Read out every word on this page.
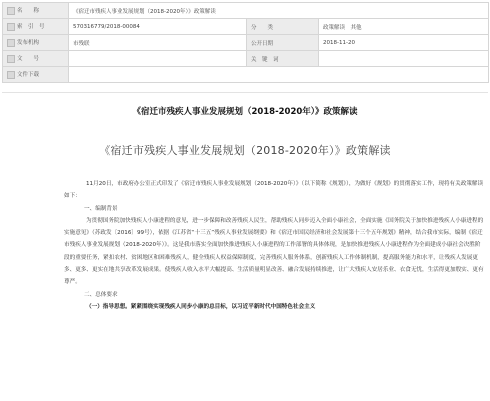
名　　称	《宿迁市残疾人事业发展规划（2018-2020年）》政策解读		
索　引　号	570316779/2018-00084	分　　类	政策解读　其他
发布机构	市残联	公开日期	2018-11-20
文　　号		关　键　词	
文件下载			
《宿迁市残疾人事业发展规划（2018-2020年）》政策解读
《宿迁市残疾人事业发展规划（2018-2020年）》政策解读

11月20日，市政府办公室正式印发了《宿迁市残疾人事业发展规划（2018-2020年）》（以下简称《规划》），为做好《规划》的贯彻落实工作，现将有关政策解读如下：

一、编制背景

为贯彻国务院加快残疾人小康进程的意见，进一步保障和改善残疾人民生，帮助残疾人同步迈入全面小康社会，全面实施《国务院关于加快推进残疾人小康进程的实施意见》（苏政发〔2016〕99号），依据《江苏省“十三五”残疾人事业发展纲要》和《宿迁市国民经济和社会发展第十三个五年规划》精神，结合我市实际，编制《宿迁市残疾人事业发展规划（2018-2020年）》。这是我市落实全面加快推进残疾人小康进程的工作部署的具体体现，是加快推进残疾人小康进程作为全面建成小康社会决胜阶段的重要任务，紧扣农村、贫困地区和困难残疾人，健全残疾人权益保障制度，完善残疾人服务体系，创新残疾人工作体制机制，提高服务能力和水平，让残疾人发展更多、更多、更实在地共享改革发展成果。使残疾人收入水平大幅提高、生活质量明显改善、融合发展持续推进，让广大残疾人安居乐业、衣食无忧，生活得更加殷实、更有尊严。

二、总体要求

（一）指导思想。紧紧围绕实现残疾人同步小康的总目标，以习近平新时代中国特色社会主义
